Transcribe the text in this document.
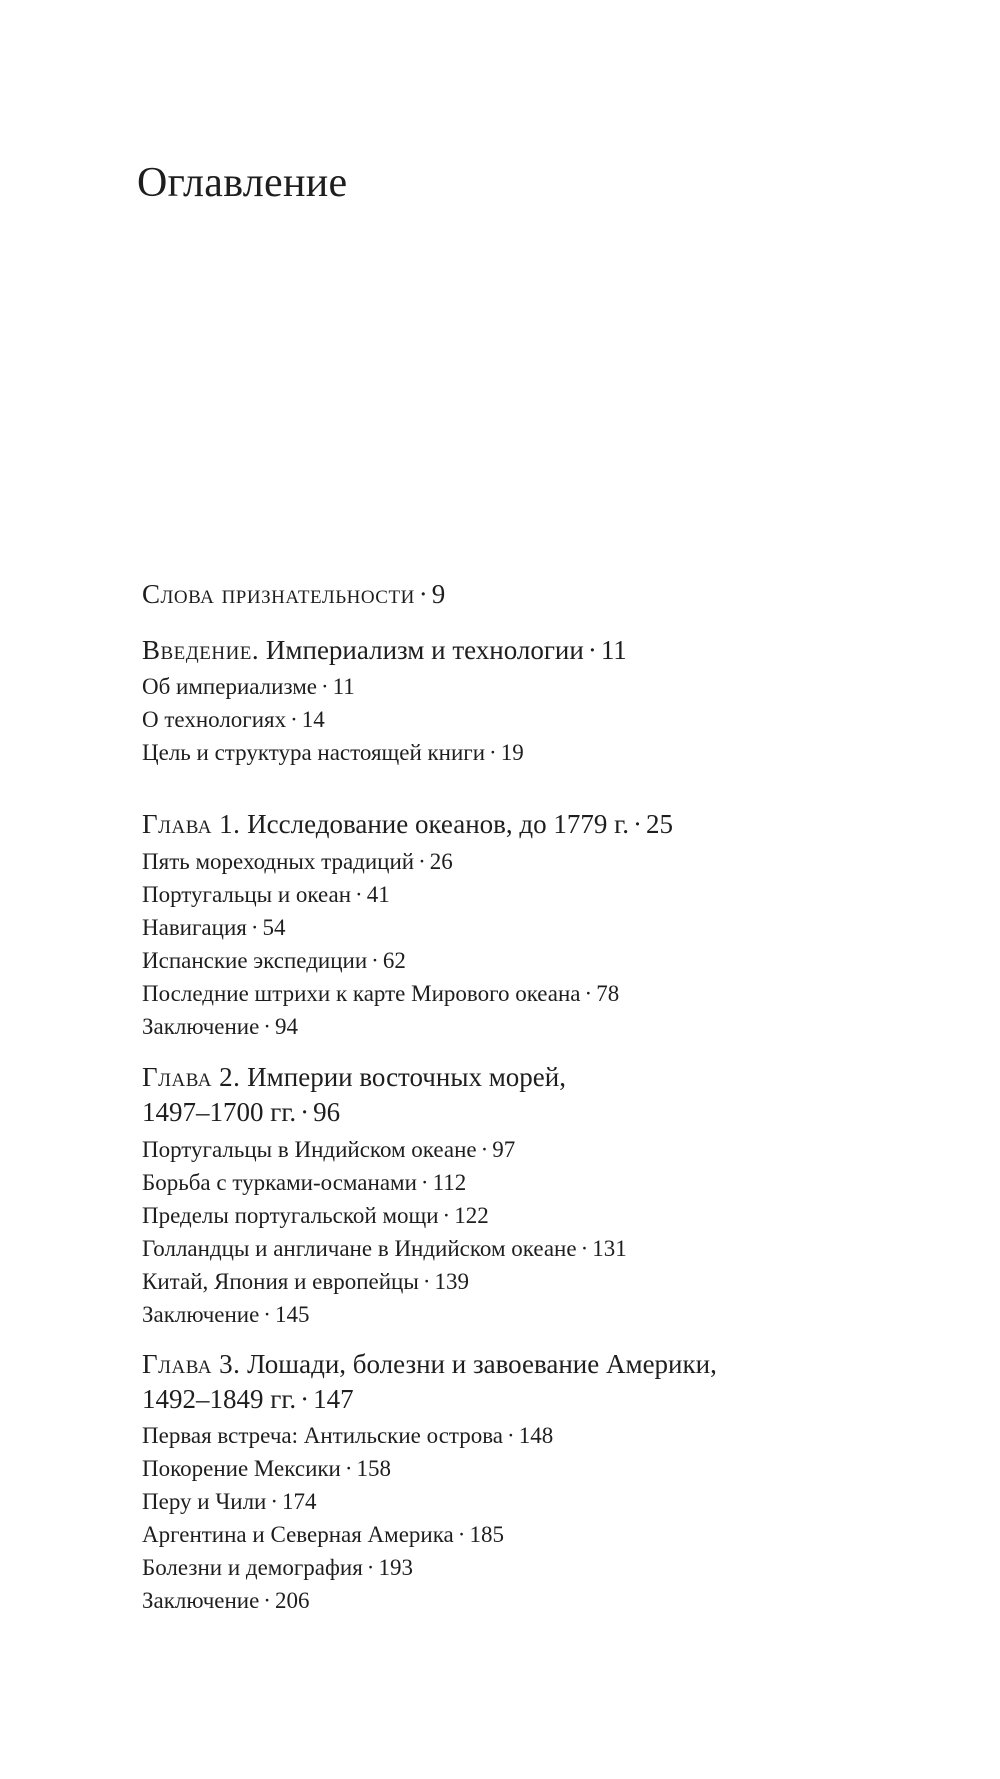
Оглавление
Слова признательности · 9
Введение. Империализм и технологии · 11
Об империализме · 11
О технологиях · 14
Цель и структура настоящей книги · 19
Глава 1. Исследование океанов, до 1779 г. · 25
Пять мореходных традиций · 26
Португальцы и океан · 41
Навигация · 54
Испанские экспедиции · 62
Последние штрихи к карте Мирового океана · 78
Заключение · 94
Глава 2. Империи восточных морей,
1497–1700 гг. · 96
Португальцы в Индийском океане · 97
Борьба с турками-османами · 112
Пределы португальской мощи · 122
Голландцы и англичане в Индийском океане · 131
Китай, Япония и европейцы · 139
Заключение · 145
Глава 3. Лошади, болезни и завоевание Америки,
1492–1849 гг. · 147
Первая встреча: Антильские острова · 148
Покорение Мексики · 158
Перу и Чили · 174
Аргентина и Северная Америка · 185
Болезни и демография · 193
Заключение · 206
